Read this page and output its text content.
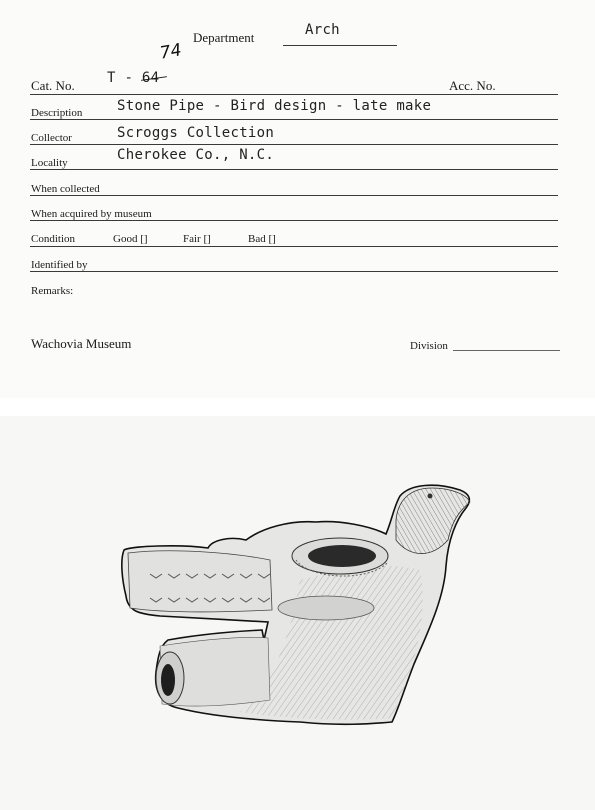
Department	Arch
Cat. No. T - 64
74
Acc. No.
Description Stone Pipe - Bird design - late make
Collector	Scroggs Collection
Locality	Cherokee Co., N.C.
When collected
When acquired by museum
Condition	Good []	Fair []	Bad []
Identified by
Remarks:
Wachovia Museum	Division
